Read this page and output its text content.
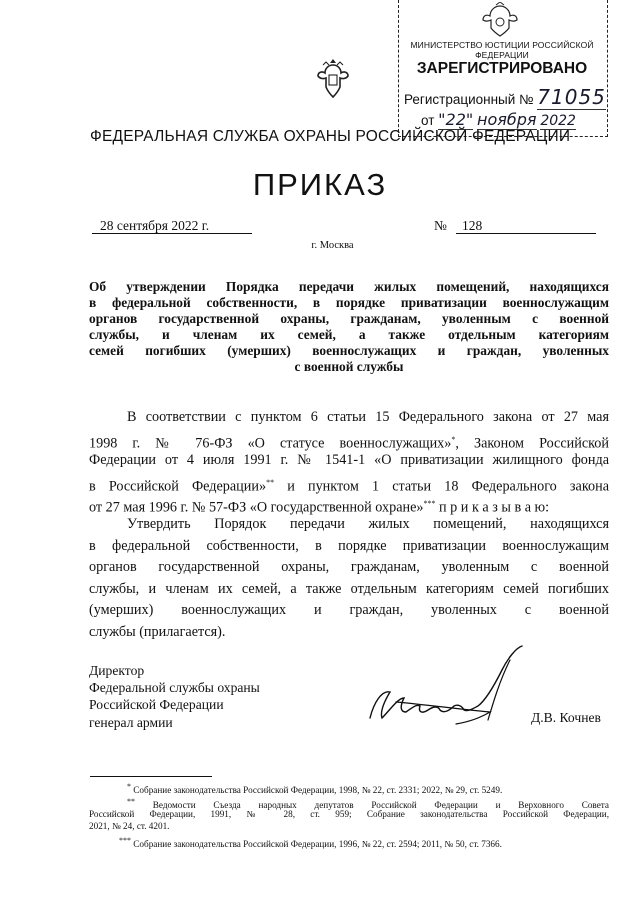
МИНИСТЕРСТВО ЮСТИЦИИ РОССИЙСКОЙ ФЕДЕРАЦИИ
ЗАРЕГИСТРИРОВАНО
Регистрационный № 71055
от "22" ноября 2022
ФЕДЕРАЛЬНАЯ СЛУЖБА ОХРАНЫ РОССИЙСКОЙ ФЕДЕРАЦИИ
ПРИКАЗ
28 сентября 2022 г.	№ 128
г. Москва
Об утверждении Порядка передачи жилых помещений, находящихся
в федеральной собственности, в порядке приватизации военнослужащим
органов государственной охраны, гражданам, уволенным с военной
службы, и членам их семей, а также отдельным категориям
семей погибших (умерших) военнослужащих и граждан, уволенных
с военной службы
В соответствии с пунктом 6 статьи 15 Федерального закона от 27 мая
1998 г. № 76-ФЗ «О статусе военнослужащих»*, Законом Российской
Федерации от 4 июля 1991 г. № 1541-1 «О приватизации жилищного фонда
в Российской Федерации»** и пунктом 1 статьи 18 Федерального закона
от 27 мая 1996 г. № 57-ФЗ «О государственной охране»*** п р и к а з ы в а ю:
Утвердить Порядок передачи жилых помещений, находящихся
в федеральной собственности, в порядке приватизации военнослужащим
органов государственной охраны, гражданам, уволенным с военной
службы, и членам их семей, а также отдельным категориям семей погибших
(умерших) военнослужащих и граждан, уволенных с военной
службы (прилагается).
Директор
Федеральной службы охраны
Российской Федерации
генерал армии	Д.В. Кочнев
* Собрание законодательства Российской Федерации, 1998, № 22, ст. 2331; 2022, № 29, ст. 5249.
** Ведомости Съезда народных депутатов Российской Федерации и Верховного Совета
Российской Федерации, 1991, № 28, ст. 959; Собрание законодательства Российской Федерации,
2021, № 24, ст. 4201.
*** Собрание законодательства Российской Федерации, 1996, № 22, ст. 2594; 2011, № 50, ст. 7366.
